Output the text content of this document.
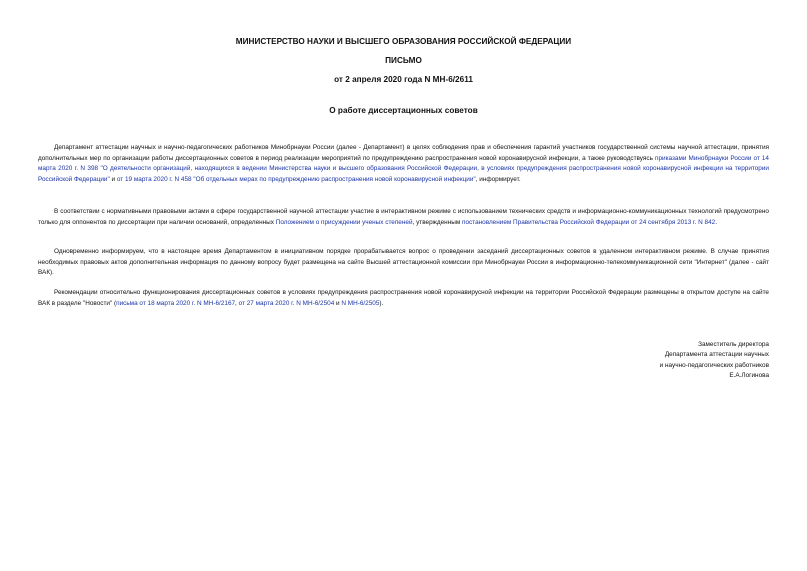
МИНИСТЕРСТВО НАУКИ И ВЫСШЕГО ОБРАЗОВАНИЯ РОССИЙСКОЙ ФЕДЕРАЦИИ
ПИСЬМО
от 2 апреля 2020 года N МН-6/2611
О работе диссертационных советов
Департамент аттестации научных и научно-педагогических работников Минобрнауки России (далее - Департамент) в целях соблюдения прав и обеспечения гарантий участников государственной системы научной аттестации, принятия дополнительных мер по организации работы диссертационных советов в период реализации мероприятий по предупреждению распространения новой коронавирусной инфекции, а также руководствуясь приказами Минобрнауки России от 14 марта 2020 г. N 398 "О деятельности организаций, находящихся в ведении Министерства науки и высшего образования Российской Федерации, в условиях предупреждения распространения новой коронавирусной инфекции на территории Российской Федерации" и от 19 марта 2020 г. N 458 "Об отдельных мерах по предупреждению распространения новой коронавирусной инфекции", информирует.
В соответствии с нормативными правовыми актами в сфере государственной научной аттестации участие в интерактивном режиме с использованием технических средств и информационно-коммуникационных технологий предусмотрено только для оппонентов по диссертации при наличии оснований, определенных Положением о присуждении ученых степеней, утвержденным постановлением Правительства Российской Федерации от 24 сентября 2013 г. N 842.
Одновременно информируем, что в настоящее время Департаментом в инициативном порядке прорабатывается вопрос о проведении заседаний диссертационных советов в удаленном интерактивном режиме. В случае принятия необходимых правовых актов дополнительная информация по данному вопросу будет размещена на сайте Высшей аттестационной комиссии при Минобрнауки России в информационно-телекоммуникационной сети "Интернет" (далее - сайт ВАК).
Рекомендации относительно функционирования диссертационных советов в условиях предупреждения распространения новой коронавирусной инфекции на территории Российской Федерации размещены в открытом доступе на сайте ВАК в разделе "Новости" (письма от 18 марта 2020 г. N МН-6/2167, от 27 марта 2020 г. N МН-6/2504 и N МН-6/2505).
Заместитель директора
Департамента аттестации научных
и научно-педагогических работников
Е.А.Логинова
